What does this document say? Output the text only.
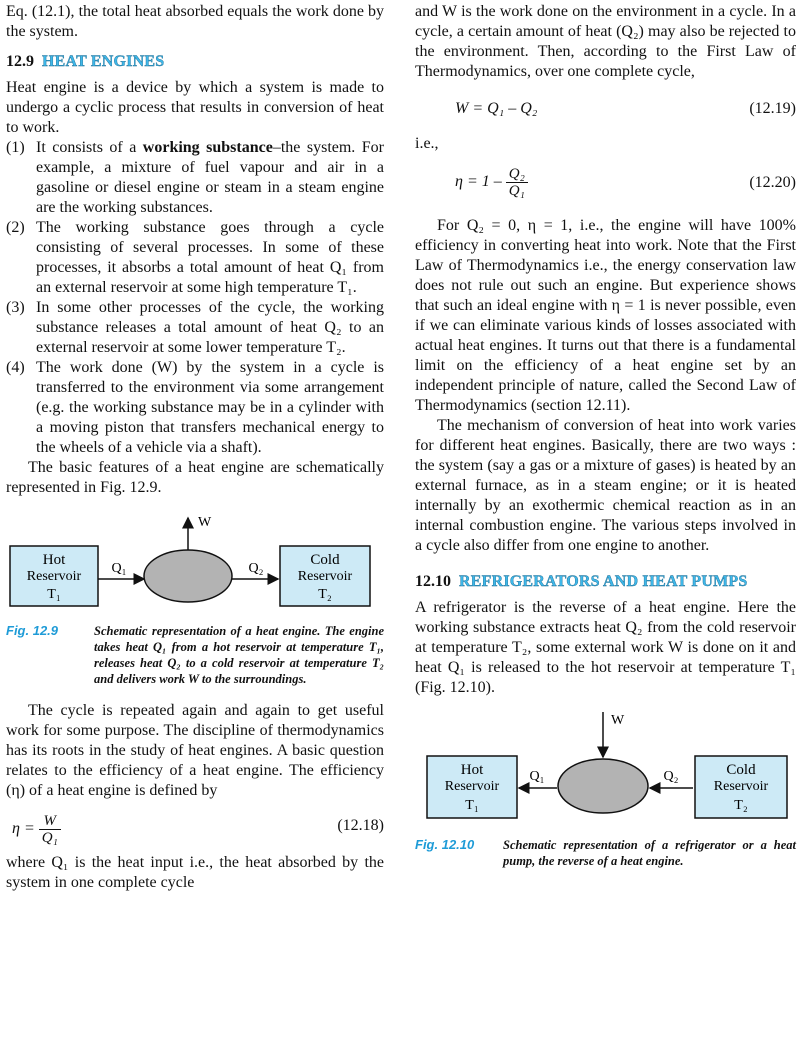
Eq. (12.1), the total heat absorbed equals the work done by the system.

12.9 HEAT ENGINES

Heat engine is a device by which a system is made to undergo a cyclic process that results in conversion of heat to work.

(1) It consists of a working substance–the system. For example, a mixture of fuel vapour and air in a gasoline or diesel engine or steam in a steam engine are the working substances.
(2) The working substance goes through a cycle consisting of several processes. In some of these processes, it absorbs a total amount of heat Q₁ from an external reservoir at some high temperature T₁.
(3) In some other processes of the cycle, the working substance releases a total amount of heat Q₂ to an external reservoir at some lower temperature T₂.
(4) The work done (W) by the system in a cycle is transferred to the environment via some arrangement (e.g. the working substance may be in a cylinder with a moving piston that transfers mechanical energy to the wheels of a vehicle via a shaft).

The basic features of a heat engine are schematically represented in Fig. 12.9.

Hot
Reservoir
T₁
Q₁
W
Q₂
Cold
Reservoir
T₂
Fig. 12.9	Schematic representation of a heat engine. The engine takes heat Q₁ from a hot reservoir at temperature T₁, releases heat Q₂ to a cold reservoir at temperature T₂ and delivers work W to the surroundings.

The cycle is repeated again and again to get useful work for some purpose. The discipline of thermodynamics has its roots in the study of heat engines. A basic question relates to the efficiency of a heat engine. The efficiency (η) of a heat engine is defined by

$\eta = \frac{W}{\text{Q₁}}$	(12.18)

where Q₁ is the heat input i.e., the heat absorbed by the system in one complete cycle

and W is the work done on the environment in a cycle. In a cycle, a certain amount of heat (Q₂) may also be rejected to the environment. Then, according to the First Law of Thermodynamics, over one complete cycle,

W = Q₁ – Q₂	(12.19)

i.e.,

$\eta = 1 - \frac{\text{Q₂}}{\text{Q₁}}$	(12.20)

For Q₂ = 0, η = 1, i.e., the engine will have 100% efficiency in converting heat into work. Note that the First Law of Thermodynamics i.e., the energy conservation law does not rule out such an engine. But experience shows that such an ideal engine with η = 1 is never possible, even if we can eliminate various kinds of losses associated with actual heat engines. It turns out that there is a fundamental limit on the efficiency of a heat engine set by an independent principle of nature, called the Second Law of Thermodynamics (section 12.11).

The mechanism of conversion of heat into work varies for different heat engines. Basically, there are two ways : the system (say a gas or a mixture of gases) is heated by an external furnace, as in a steam engine; or it is heated internally by an exothermic chemical reaction as in an internal combustion engine. The various steps involved in a cycle also differ from one engine to another.

12.10 REFRIGERATORS AND HEAT PUMPS

A refrigerator is the reverse of a heat engine. Here the working substance extracts heat Q₂ from the cold reservoir at temperature T₂, some external work W is done on it and heat Q₁ is released to the hot reservoir at temperature T₁ (Fig. 12.10).

Hot
Reservoir
T₁
Q₁
W
Q₂	Cold
Reservoir
T₂
Fig. 12.10	Schematic representation of a refrigerator or a heat pump, the reverse of a heat engine.
